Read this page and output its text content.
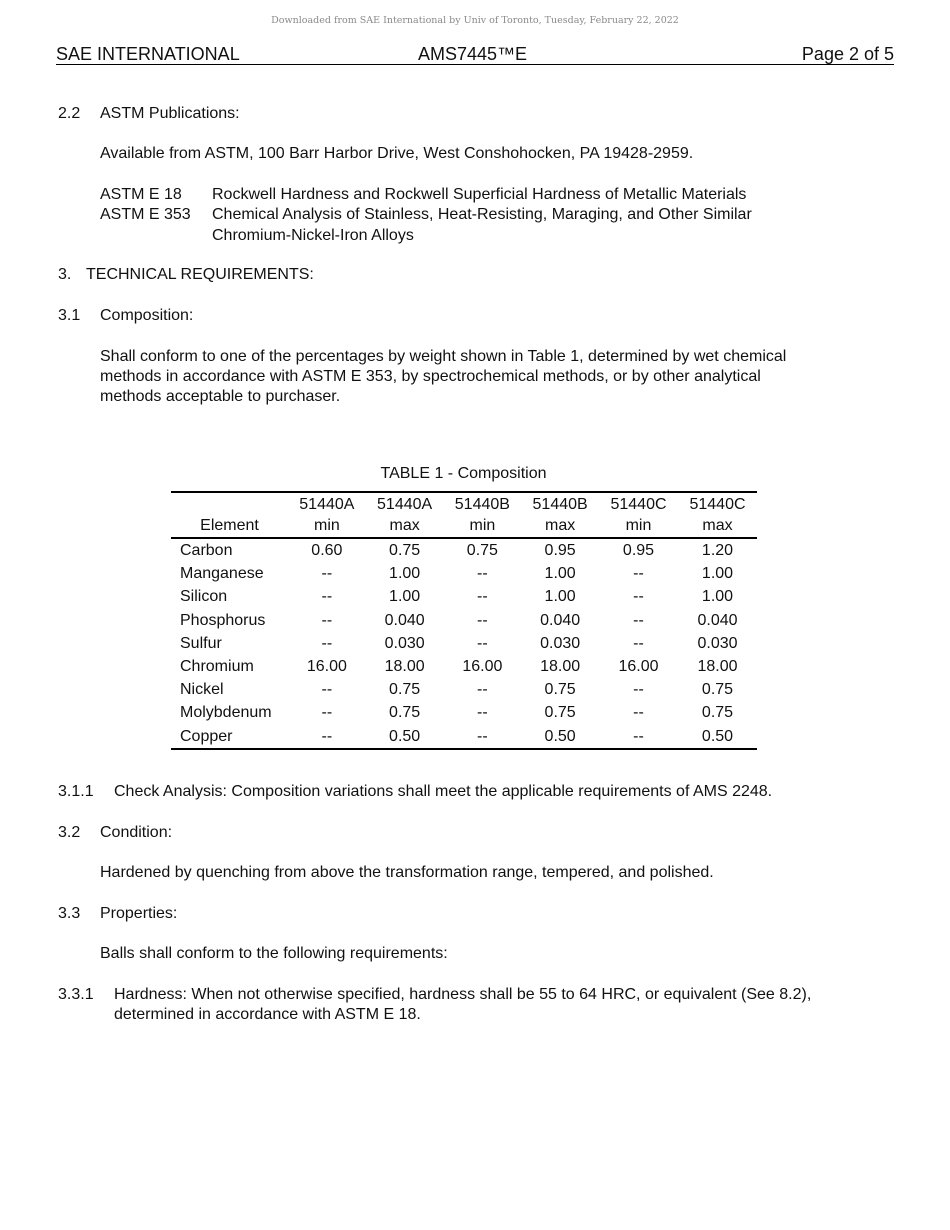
Downloaded from SAE International by Univ of Toronto, Tuesday, February 22, 2022
SAE INTERNATIONAL	AMS7445™E	Page 2 of 5
2.2 ASTM Publications:
Available from ASTM, 100 Barr Harbor Drive, West Conshohocken, PA 19428-2959.
ASTM E 18 Rockwell Hardness and Rockwell Superficial Hardness of Metallic Materials
ASTM E 353 Chemical Analysis of Stainless, Heat-Resisting, Maraging, and Other Similar
Chromium-Nickel-Iron Alloys
3. TECHNICAL REQUIREMENTS:
3.1 Composition:
Shall conform to one of the percentages by weight shown in Table 1, determined by wet chemical
methods in accordance with ASTM E 353, by spectrochemical methods, or by other analytical
methods acceptable to purchaser.
TABLE 1 - Composition
	51440A	51440A	51440B	51440B	51440C	51440C
Element	min	max	min	max	min	max
Carbon	0.60	0.75	0.75	0.95	0.95	1.20
Manganese	--	1.00	--	1.00	--	1.00
Silicon	--	1.00	--	1.00	--	1.00
Phosphorus	--	0.040	--	0.040	--	0.040
Sulfur	--	0.030	--	0.030	--	0.030
Chromium	16.00	18.00	16.00	18.00	16.00	18.00
Nickel	--	0.75	--	0.75	--	0.75
Molybdenum	--	0.75	--	0.75	--	0.75
Copper	--	0.50	--	0.50	--	0.50
3.1.1 Check Analysis: Composition variations shall meet the applicable requirements of AMS 2248.
3.2 Condition:
Hardened by quenching from above the transformation range, tempered, and polished.
3.3 Properties:
Balls shall conform to the following requirements:
3.3.1 Hardness: When not otherwise specified, hardness shall be 55 to 64 HRC, or equivalent (See 8.2),
determined in accordance with ASTM E 18.
